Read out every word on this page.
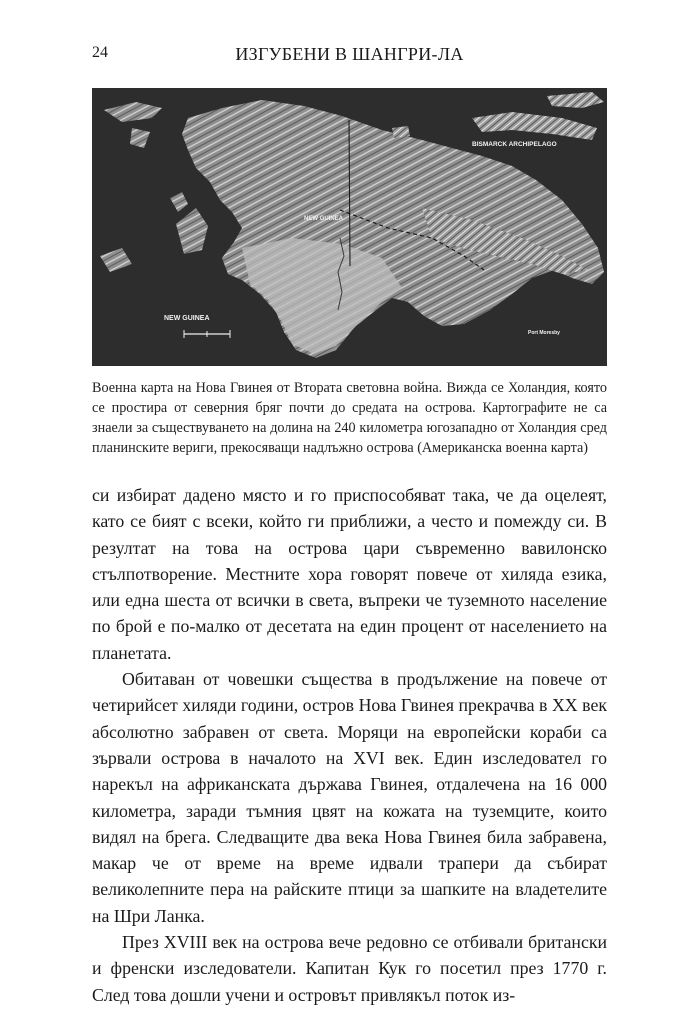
24	ИЗГУБЕНИ В ШАНГРИ-ЛА
BISMARCK ARCHIPELAGO
NEW GUINEA
NEW GUINEA
Port Moresby
Военна карта на Нова Гвинея от Втората световна война. Вижда се Холандия, която се простира от северния бряг почти до средата на острова. Картографите не са знаели за съществуването на долина на 240 километра югозападно от Холандия сред планинските вериги, прекосяващи надлъжно острова (Американска военна карта)

си избират дадено място и го приспособяват така, че да оцелеят, като се бият с всеки, който ги приближи, а често и помежду си. В резултат на това на острова цари съвременно вавилонско стълпотворение. Местните хора говорят повече от хиляда езика, или една шеста от всички в света, въпреки че туземното население по брой е по-малко от десетата на един процент от населението на планетата.

Обитаван от човешки същества в продължение на повече от четирийсет хиляди години, остров Нова Гвинея прекрачва в XX век абсолютно забравен от света. Моряци на европейски кораби са зървали острова в началото на XVI век. Един изследовател го нарекъл на африканската държава Гвинея, отдалечена на 16 000 километра, заради тъмния цвят на кожата на туземците, които видял на брега. Следващите два века Нова Гвинея била забравена, макар че от време на време идвали трапери да събират великолепните пера на райските птици за шапките на владетелите на Шри Ланка.

През XVIII век на острова вече редовно се отбивали британски и френски изследователи. Капитан Кук го посетил през 1770 г. След това дошли учени и островът привлякъл поток из-
